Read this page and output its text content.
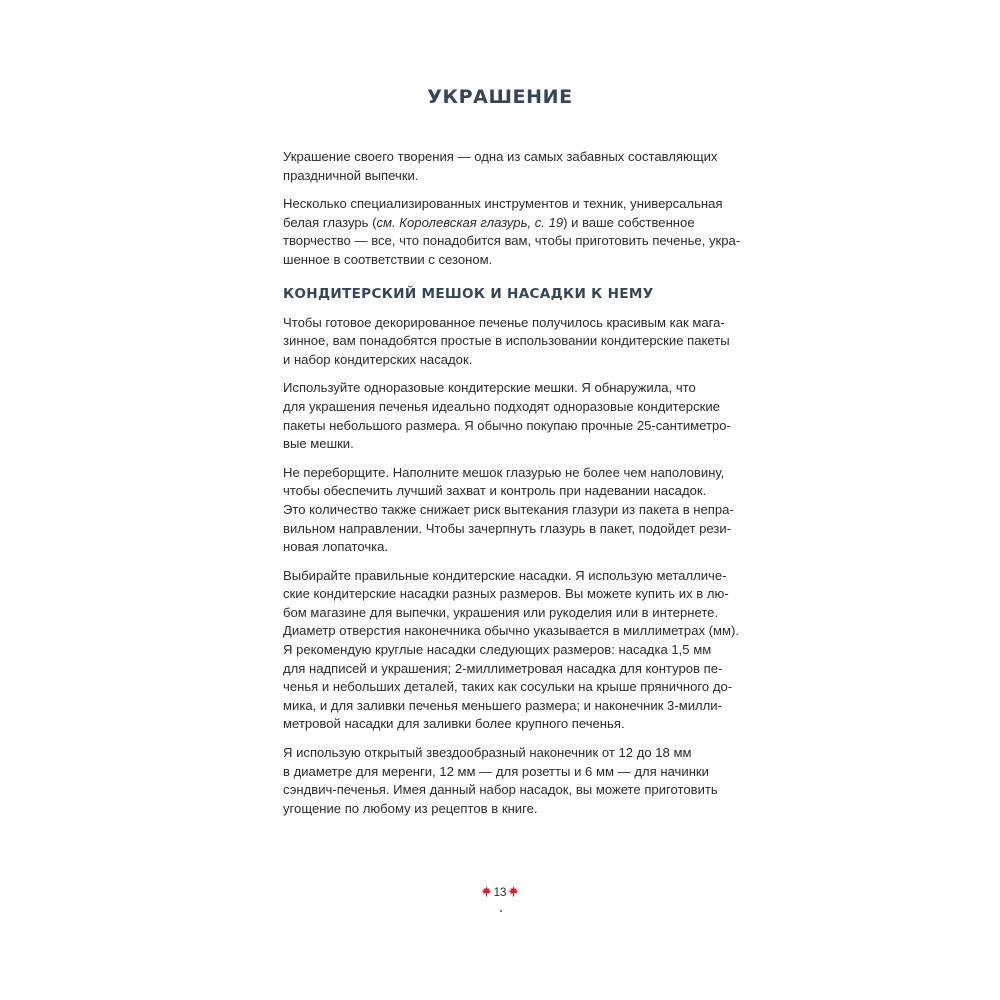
УКРАШЕНИЕ

Украшение своего творения — одна из самых забавных составляющих
праздничной выпечки.

Несколько специализированных инструментов и техник, универсальная
белая глазурь (см. Королевская глазурь, с. 19) и ваше собственное
творчество — все, что понадобится вам, чтобы приготовить печенье, укра-
шенное в соответствии с сезоном.

КОНДИТЕРСКИЙ МЕШОК И НАСАДКИ К НЕМУ

Чтобы готовое декорированное печенье получилось красивым как мага-
зинное, вам понадобятся простые в использовании кондитерские пакеты
и набор кондитерских насадок.

Используйте одноразовые кондитерские мешки. Я обнаружила, что
для украшения печенья идеально подходят одноразовые кондитерские
пакеты небольшого размера. Я обычно покупаю прочные 25-сантиметро-
вые мешки.

Не переборщите. Наполните мешок глазурью не более чем наполовину,
чтобы обеспечить лучший захват и контроль при надевании насадок.
Это количество также снижает риск вытекания глазури из пакета в непра-
вильном направлении. Чтобы зачерпнуть глазурь в пакет, подойдет рези-
новая лопаточка.

Выбирайте правильные кондитерские насадки. Я использую металличе-
ские кондитерские насадки разных размеров. Вы можете купить их в лю-
бом магазине для выпечки, украшения или рукоделия или в интернете.
Диаметр отверстия наконечника обычно указывается в миллиметрах (мм).
Я рекомендую круглые насадки следующих размеров: насадка 1,5 мм
для надписей и украшения; 2-миллиметровая насадка для контуров пе-
ченья и небольших деталей, таких как сосульки на крыше пряничного до-
мика, и для заливки печенья меньшего размера; и наконечник 3-милли-
метровой насадки для заливки более крупного печенья.

Я использую открытый звездообразный наконечник от 12 до 18 мм
в диаметре для меренги, 12 мм — для розетты и 6 мм — для начинки
сэндвич-печенья. Имея данный набор насадок, вы можете приготовить
угощение по любому из рецептов в книге.

13
